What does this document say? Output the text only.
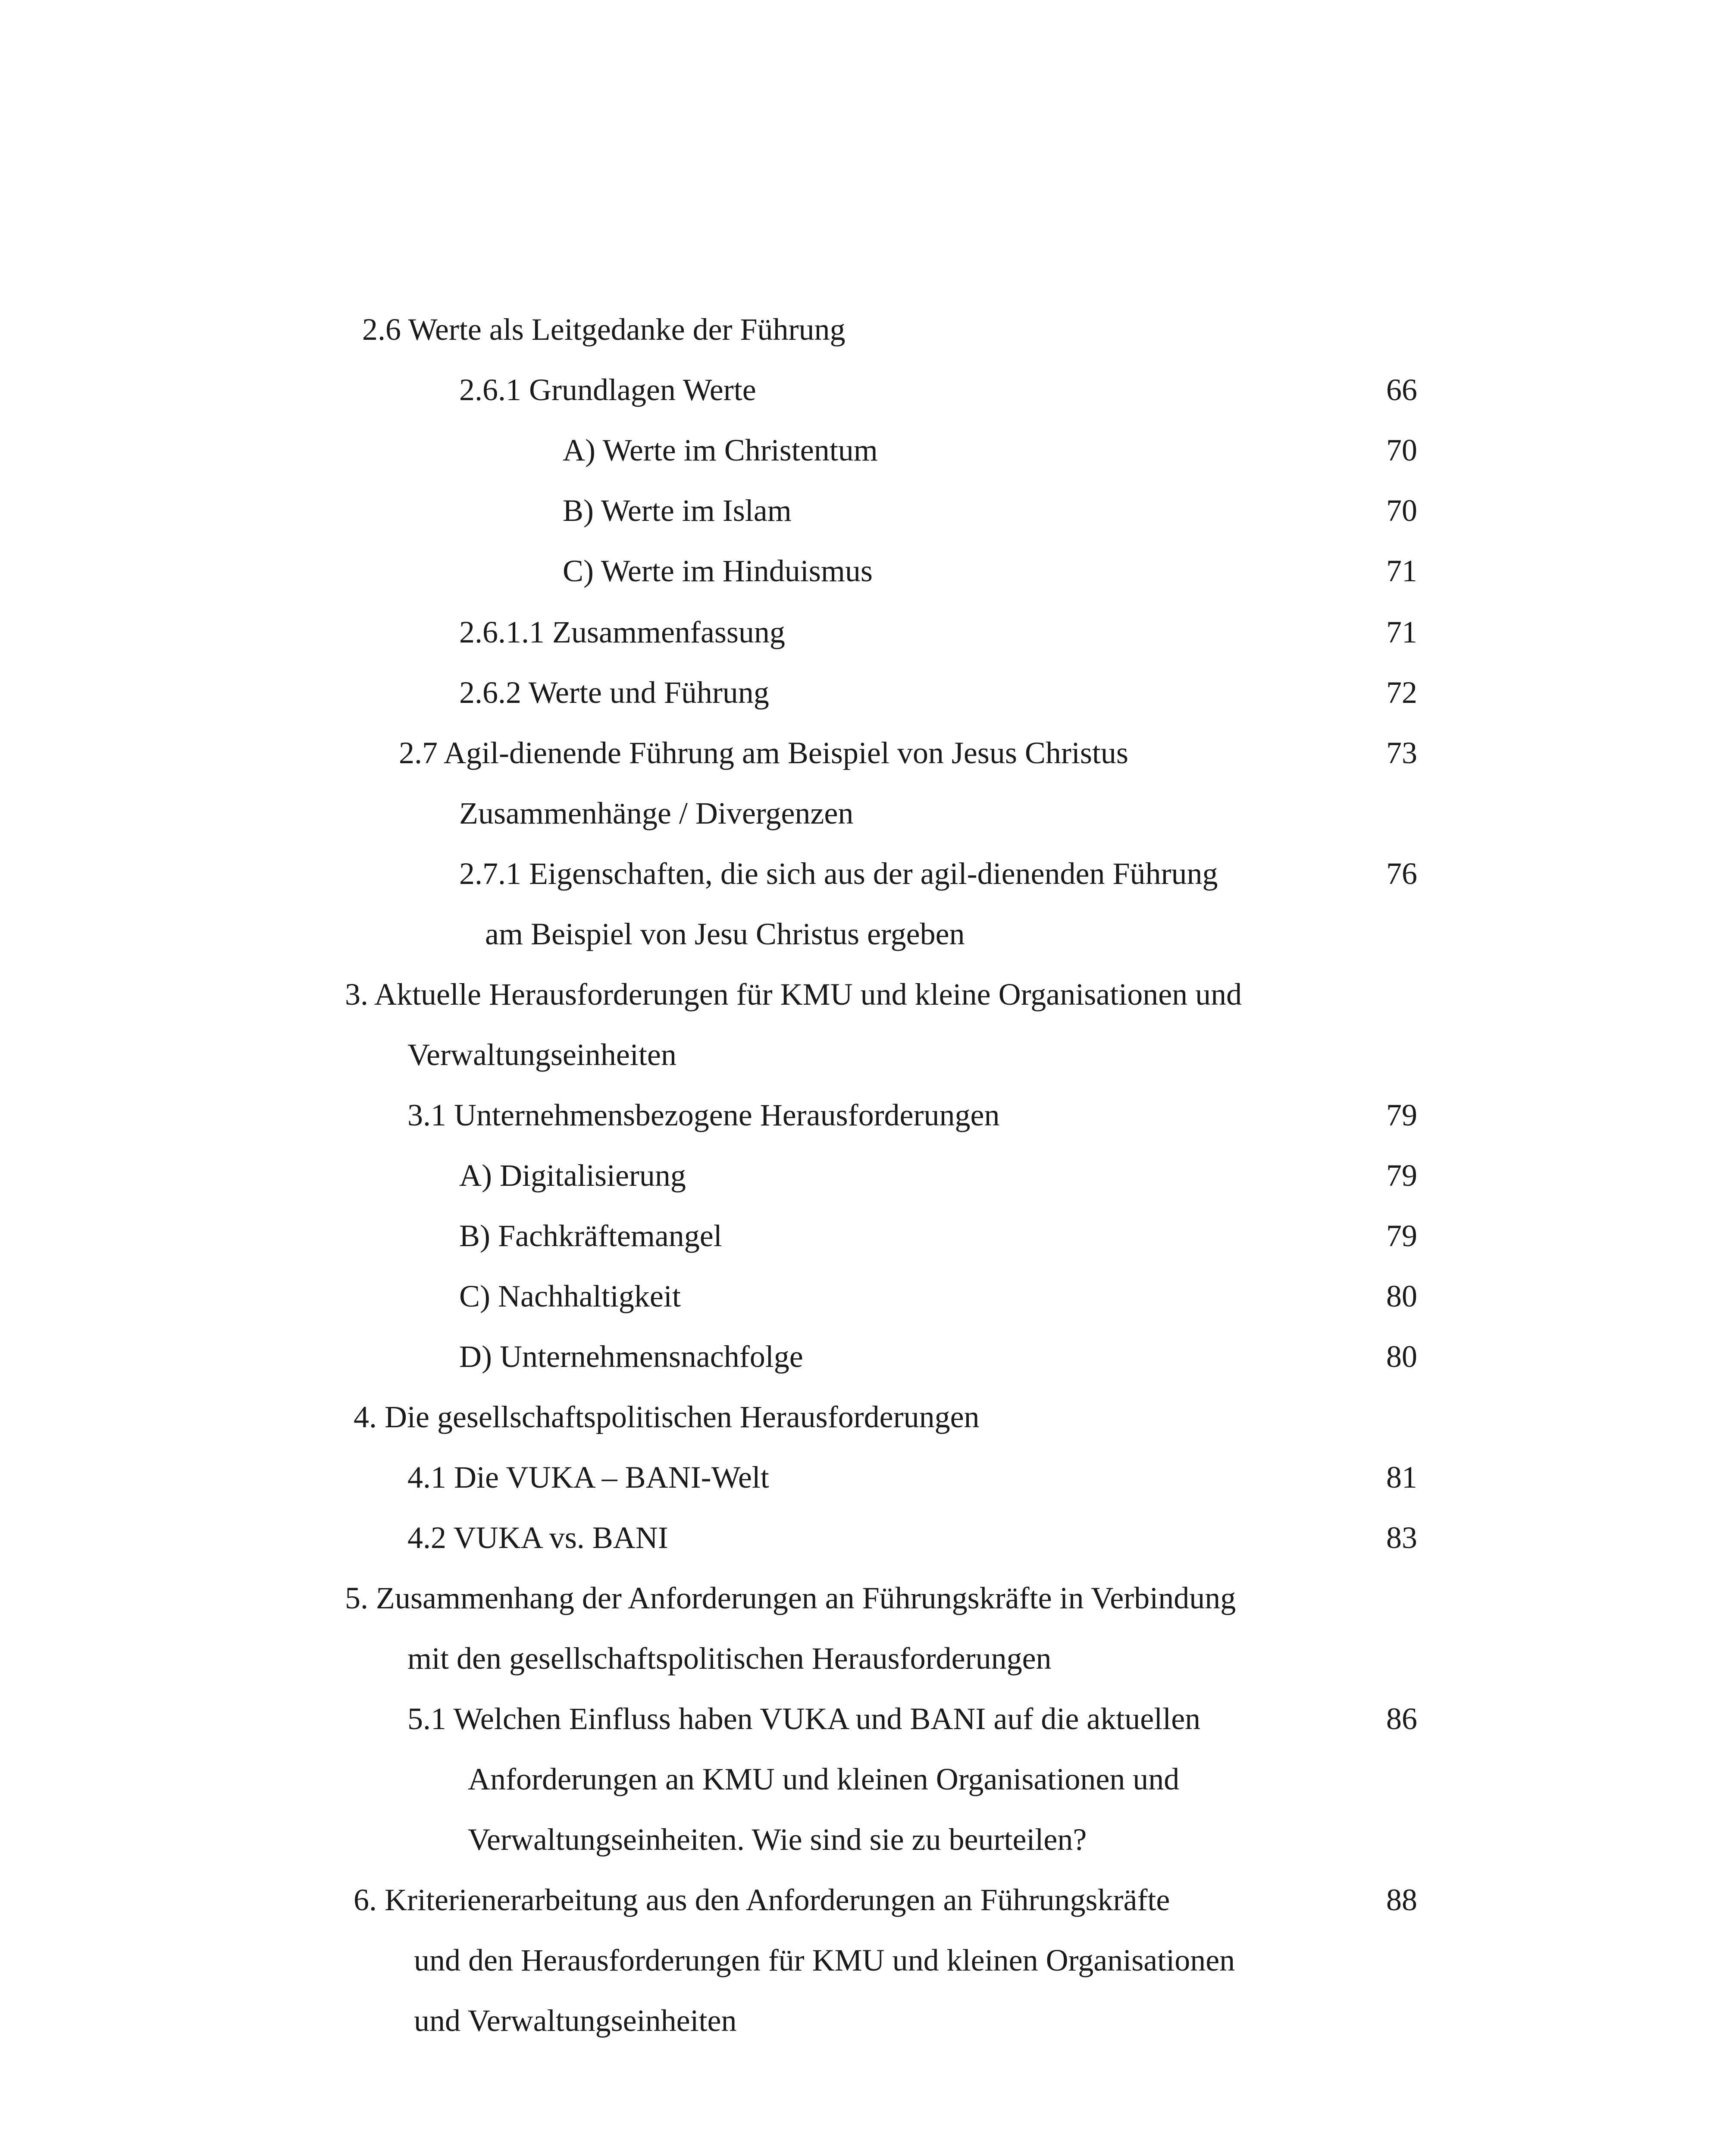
2.6 Werte als Leitgedanke der Führung
2.6.1 Grundlagen Werte	66
A) Werte im Christentum	70
B) Werte im Islam	70
C) Werte im Hinduismus	71
2.6.1.1 Zusammenfassung	71
2.6.2 Werte und Führung	72
2.7 Agil-dienende Führung am Beispiel von Jesus Christus	73
Zusammenhänge / Divergenzen
2.7.1 Eigenschaften, die sich aus der agil-dienenden Führung	76
am Beispiel von Jesu Christus ergeben
3. Aktuelle Herausforderungen für KMU und kleine Organisationen und
Verwaltungseinheiten
3.1 Unternehmensbezogene Herausforderungen	79
A) Digitalisierung	79
B) Fachkräftemangel	79
C) Nachhaltigkeit	80
D) Unternehmensnachfolge	80
4. Die gesellschaftspolitischen Herausforderungen
4.1 Die VUKA – BANI-Welt	81
4.2 VUKA vs. BANI	83
5. Zusammenhang der Anforderungen an Führungskräfte in Verbindung
mit den gesellschaftspolitischen Herausforderungen
5.1 Welchen Einfluss haben VUKA und BANI auf die aktuellen	86
Anforderungen an KMU und kleinen Organisationen und
Verwaltungseinheiten. Wie sind sie zu beurteilen?
6. Kriterienerarbeitung aus den Anforderungen an Führungskräfte	88
und den Herausforderungen für KMU und kleinen Organisationen
und Verwaltungseinheiten
